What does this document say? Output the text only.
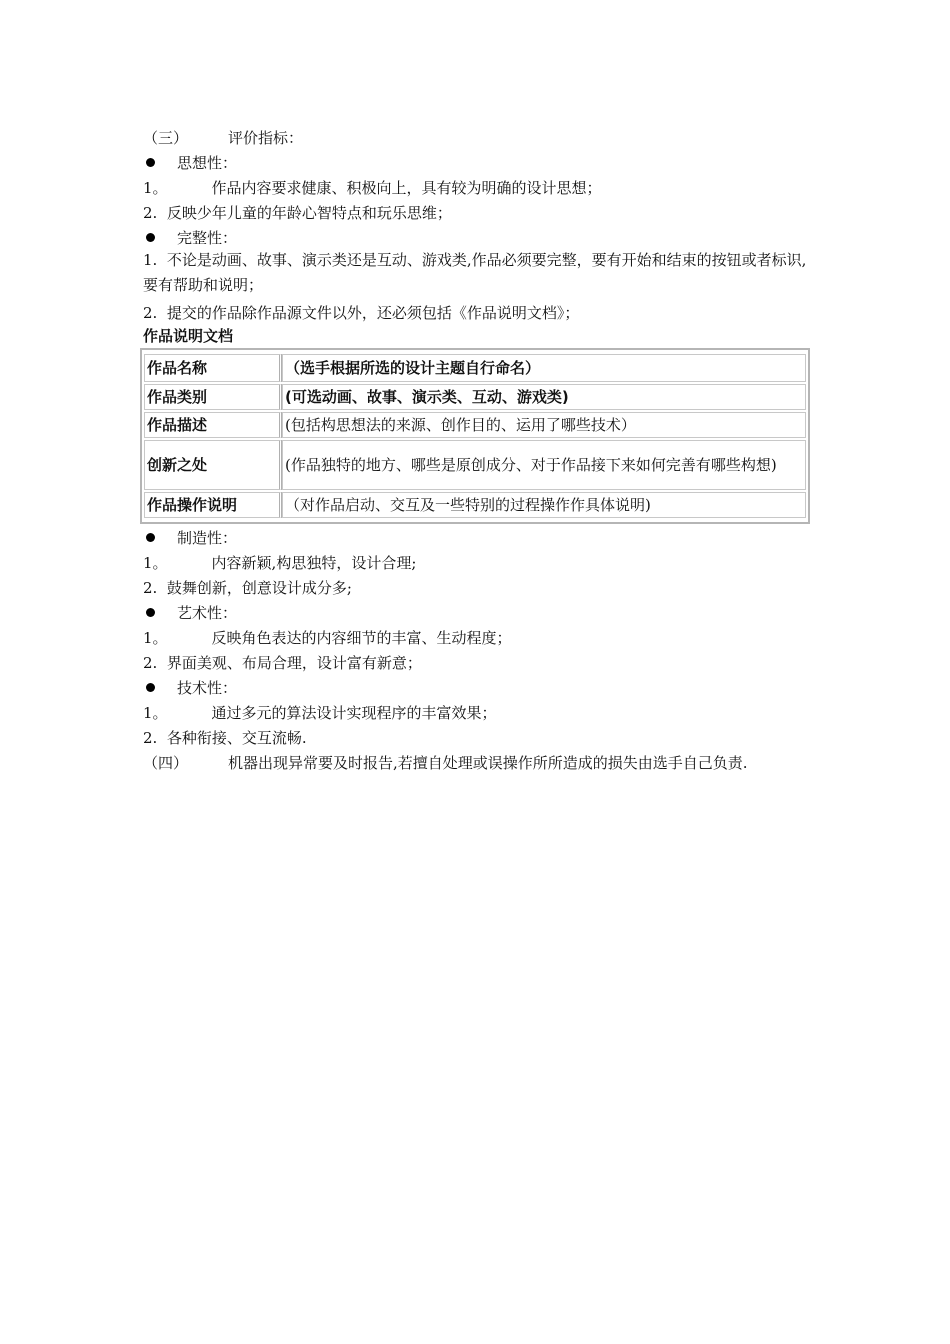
（三）	评价指标：
思想性：
1。	作品内容要求健康、积极向上，具有较为明确的设计思想；
2. 反映少年儿童的年龄心智特点和玩乐思维；
完整性：
1. 不论是动画、故事、演示类还是互动、游戏类,作品必须要完整，要有开始和结束的按钮或者标识,要有帮助和说明；
2. 提交的作品除作品源文件以外，还必须包括《作品说明文档》；
作品说明文档
作品名称	（选手根据所选的设计主题自行命名）
作品类别	(可选动画、故事、演示类、互动、游戏类)
作品描述	(包括构思想法的来源、创作目的、运用了哪些技术）
创新之处	(作品独特的地方、哪些是原创成分、对于作品接下来如何完善有哪些构想)
作品操作说明	（对作品启动、交互及一些特别的过程操作作具体说明)
制造性：
1。	内容新颖,构思独特，设计合理;
2. 鼓舞创新，创意设计成分多;
艺术性：
1。	反映角色表达的内容细节的丰富、生动程度；
2. 界面美观、布局合理，设计富有新意；
技术性：
1。	通过多元的算法设计实现程序的丰富效果；
2. 各种衔接、交互流畅.
（四）	机器出现异常要及时报告,若擅自处理或误操作所所造成的损失由选手自己负责.
